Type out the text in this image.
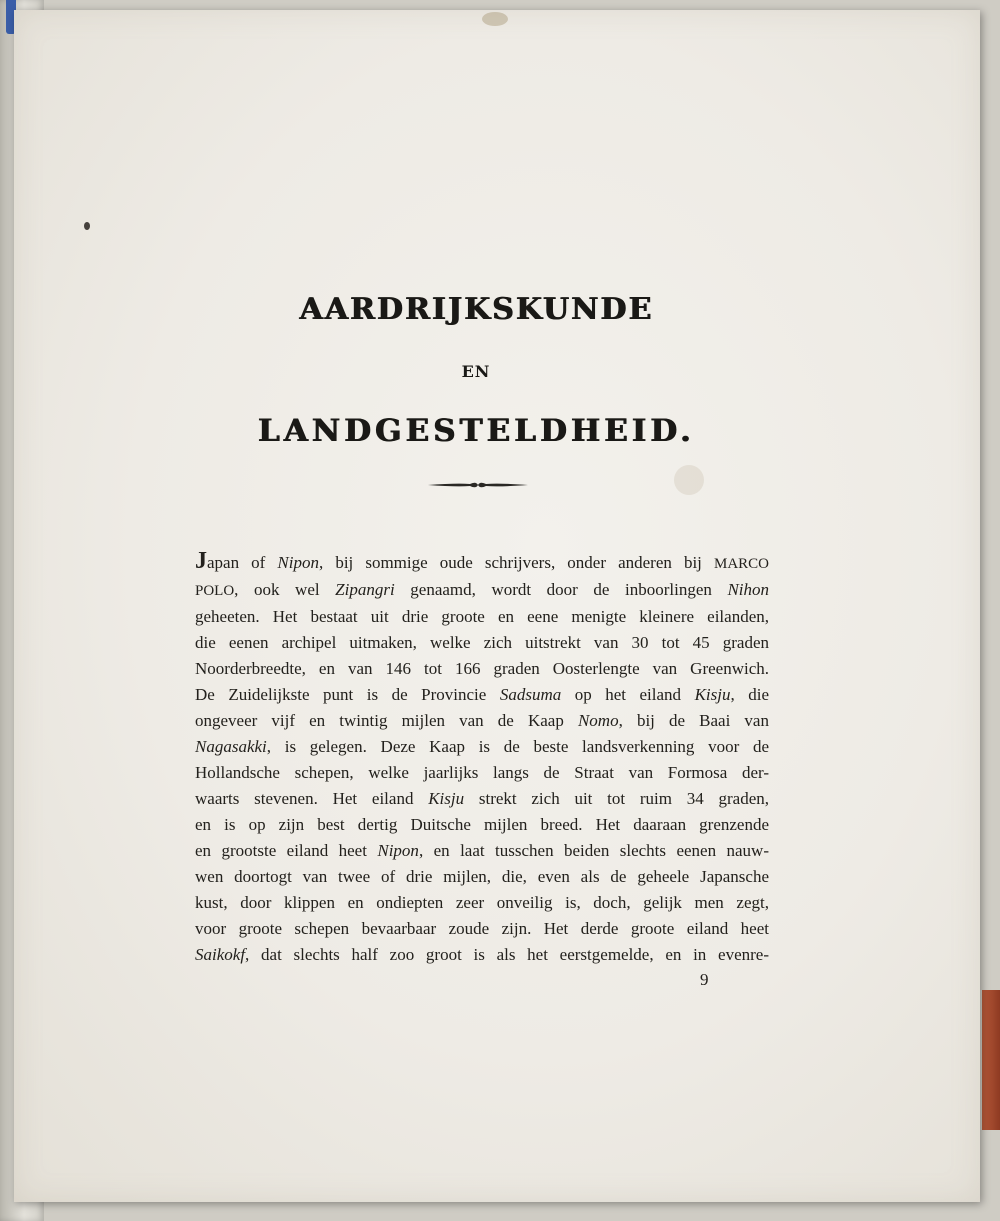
AARDRIJKSKUNDE
EN
LANDGESTELDHEID.
Japan of Nipon, bij sommige oude schrijvers, onder anderen bij MARCO
POLO, ook wel Zipangri genaamd, wordt door de inboorlingen Nihon
geheeten. Het bestaat uit drie groote en eene menigte kleinere eilanden,
die eenen archipel uitmaken, welke zich uitstrekt van 30 tot 45 graden
Noorderbreedte, en van 146 tot 166 graden Oosterlengte van Greenwich.
De Zuidelijkste punt is de Provincie Sadsuma op het eiland Kisju, die
ongeveer vijf en twintig mijlen van de Kaap Nomo, bij de Baai van
Nagasakki, is gelegen. Deze Kaap is de beste landsverkenning voor de
Hollandsche schepen, welke jaarlijks langs de Straat van Formosa der-
waarts stevenen. Het eiland Kisju strekt zich uit tot ruim 34 graden,
en is op zijn best dertig Duitsche mijlen breed. Het daaraan grenzende
en grootste eiland heet Nipon, en laat tusschen beiden slechts eenen nauw-
wen doortogt van twee of drie mijlen, die, even als de geheele Japansche
kust, door klippen en ondiepten zeer onveilig is, doch, gelijk men zegt,
voor groote schepen bevaarbaar zoude zijn. Het derde groote eiland heet
Saikokf, dat slechts half zoo groot is als het eerstgemelde, en in evenre-
9
